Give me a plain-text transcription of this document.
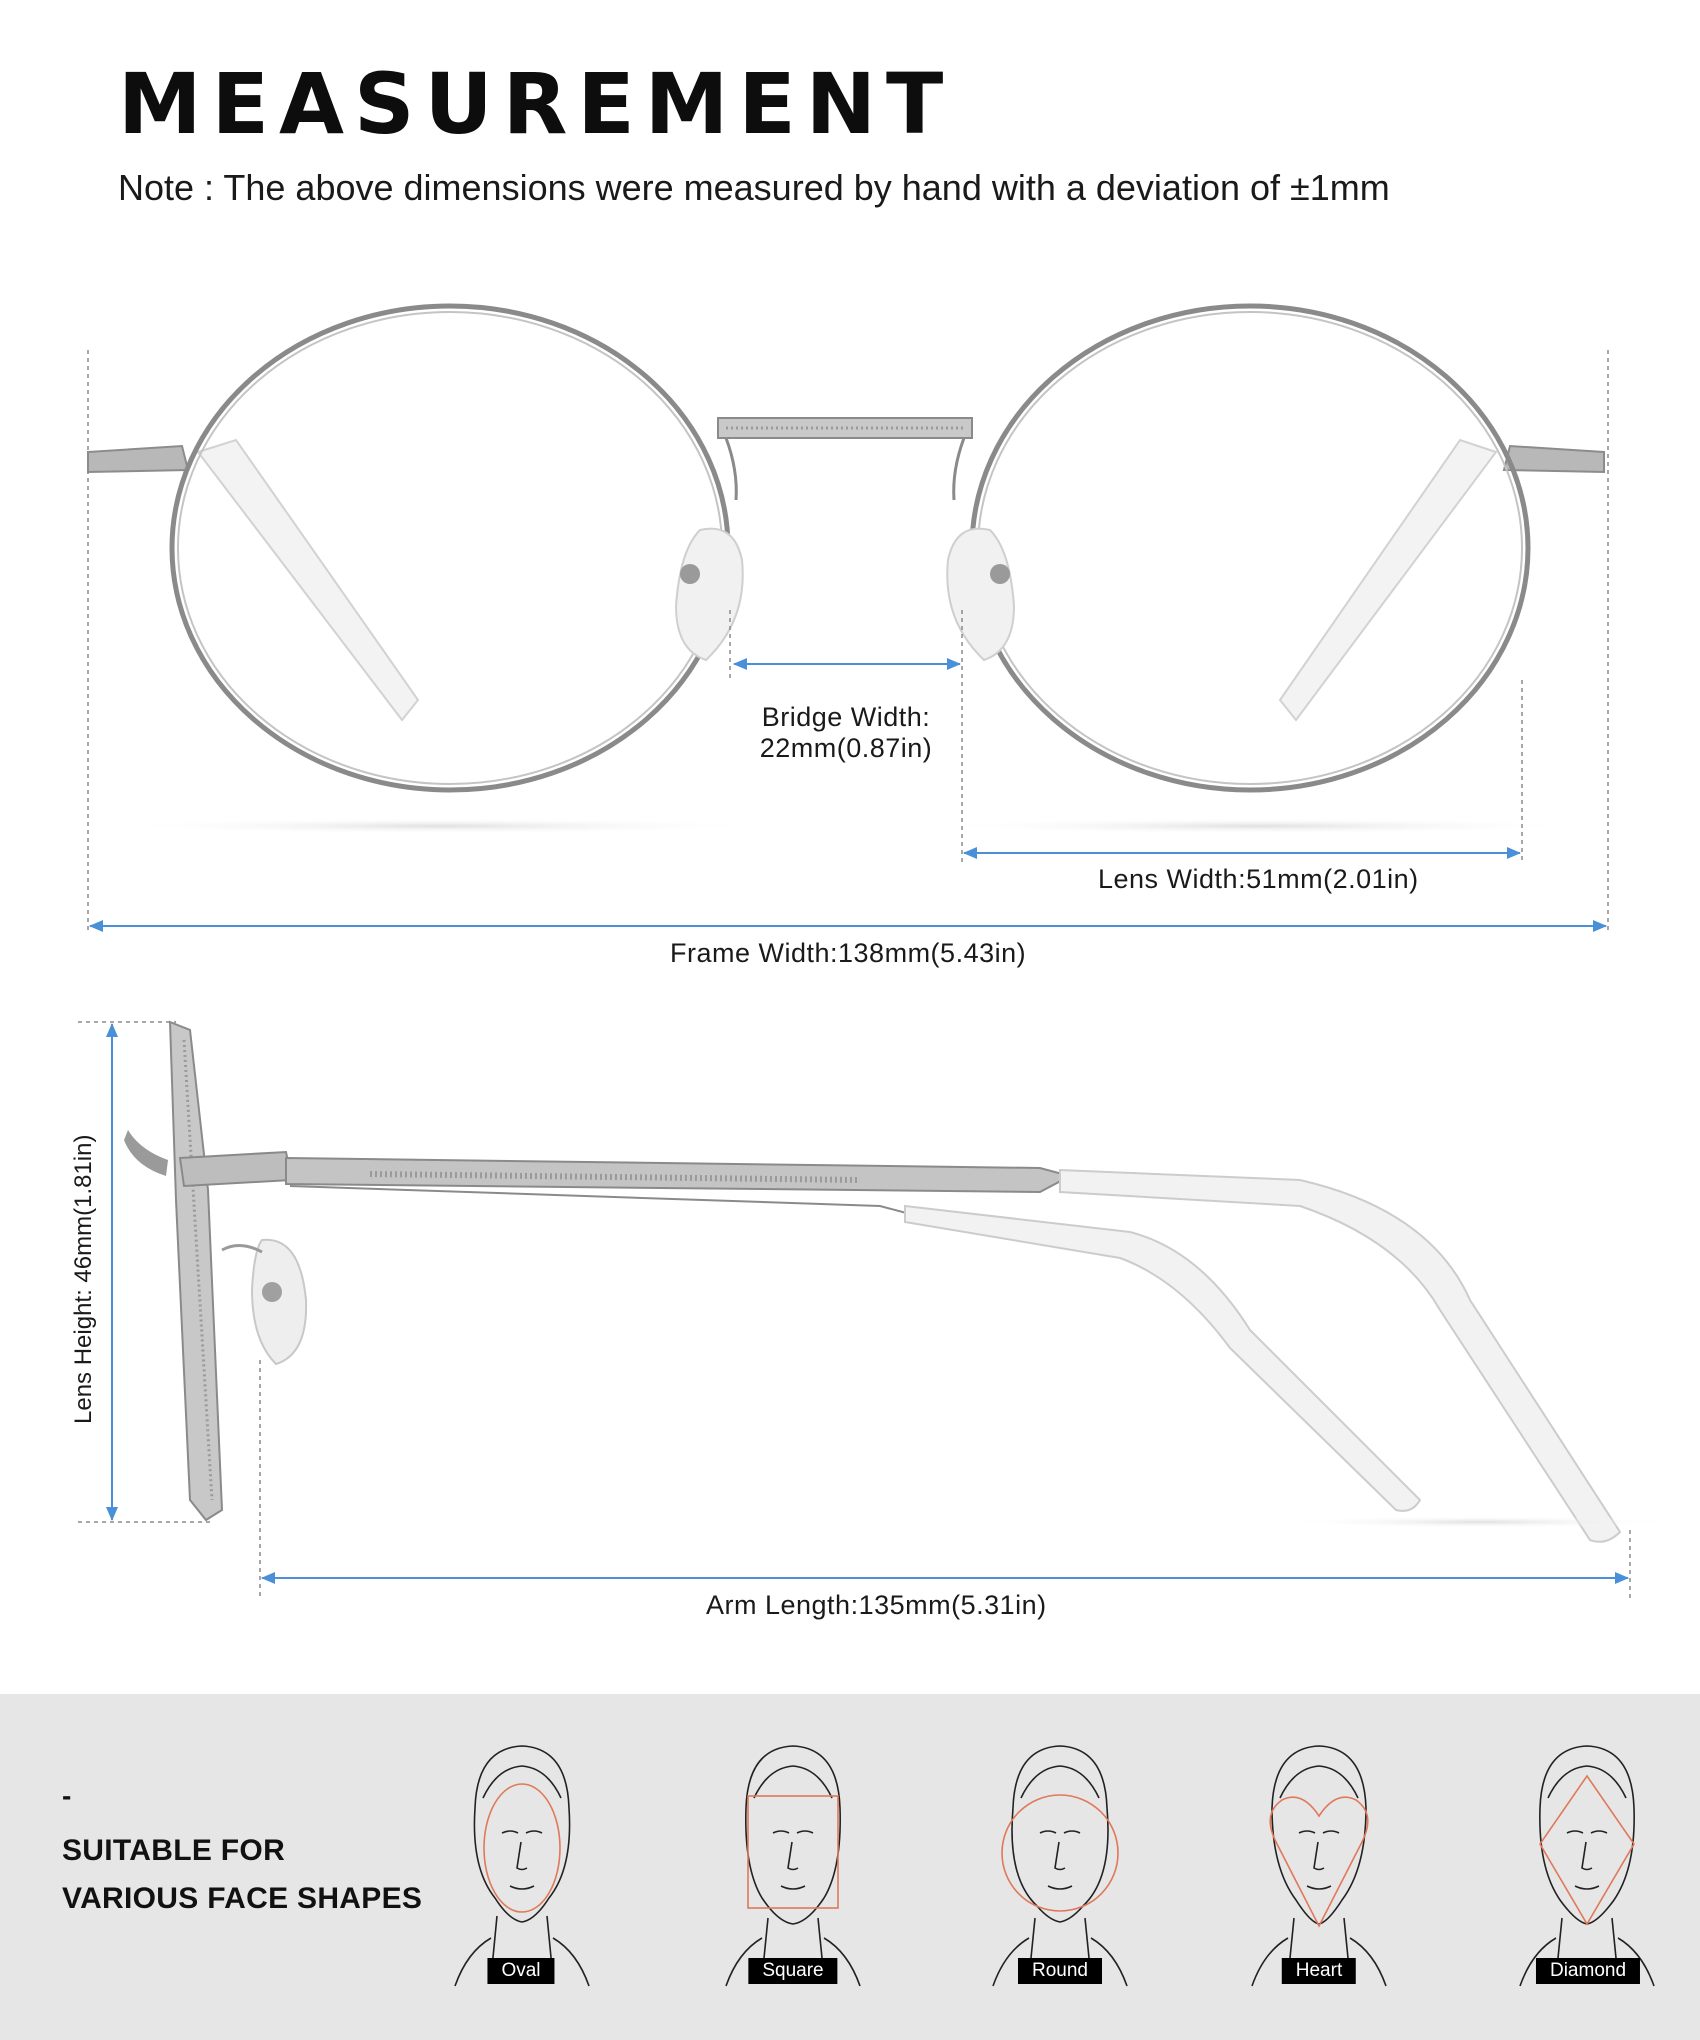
MEASUREMENT
Note : The above dimensions were measured by hand with a deviation of ±1mm
Bridge Width:
22mm(0.87in)
Lens Width:51mm(2.01in)
Frame Width:138mm(5.43in)
Lens Height: 46mm(1.81in)
Arm Length:135mm(5.31in)
-
SUITABLE FOR
VARIOUS FACE SHAPES
Oval	Square	Round	Heart	Diamond
